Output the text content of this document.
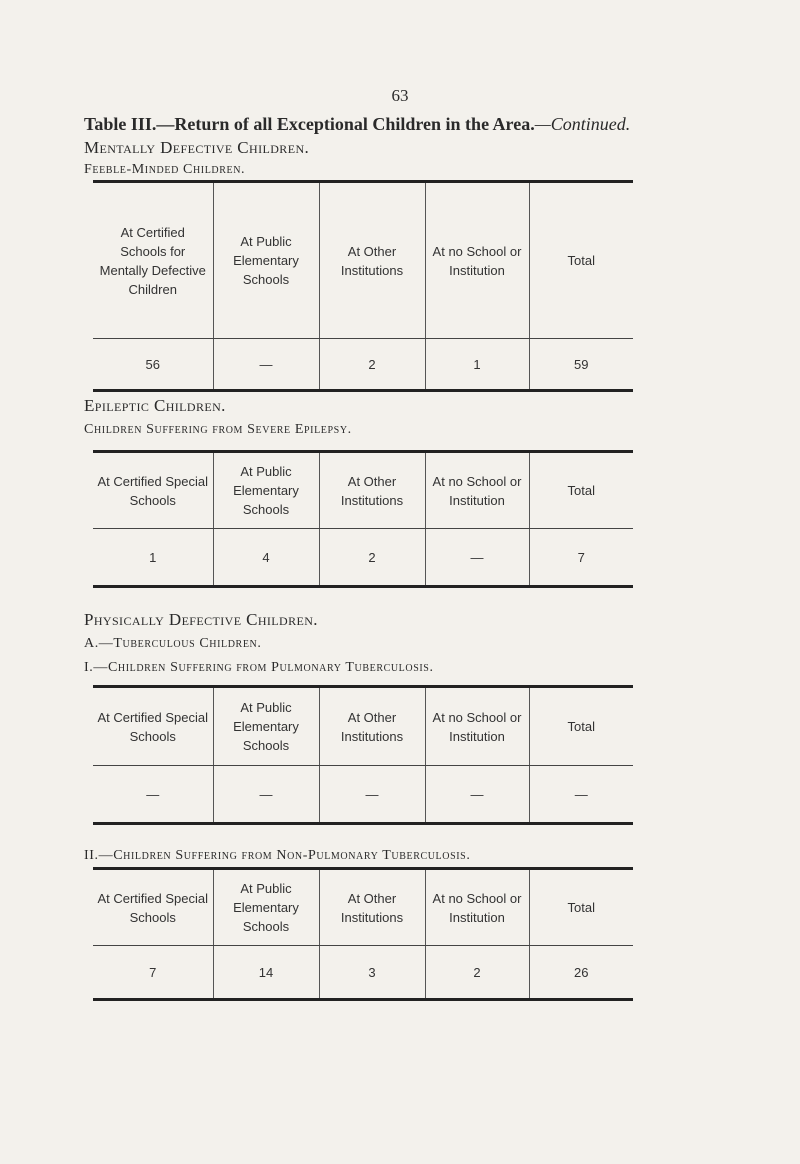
63
Table III.—Return of all Exceptional Children in the Area.—Continued.
Mentally Defective Children.
Feeble-Minded Children.
At Certified Schools for Mentally Defective Children	At Public Elementary Schools	At Other Institutions	At no School or Institution	Total
56	—	2	1	59
Epileptic Children.
Children Suffering from Severe Epilepsy.
At Certified Special Schools	At Public Elementary Schools	At Other Institutions	At no School or Institution	Total
1	4	2	—	7
Physically Defective Children.
A.—Tuberculous Children.
I.—Children Suffering from Pulmonary Tuberculosis.
At Certified Special Schools	At Public Elementary Schools	At Other Institutions	At no School or Institution	Total
—	—	—	—	—
II.—Children Suffering from Non-Pulmonary Tuberculosis.
At Certified Special Schools	At Public Elementary Schools	At Other Institutions	At no School or Institution	Total
7	14	3	2	26
